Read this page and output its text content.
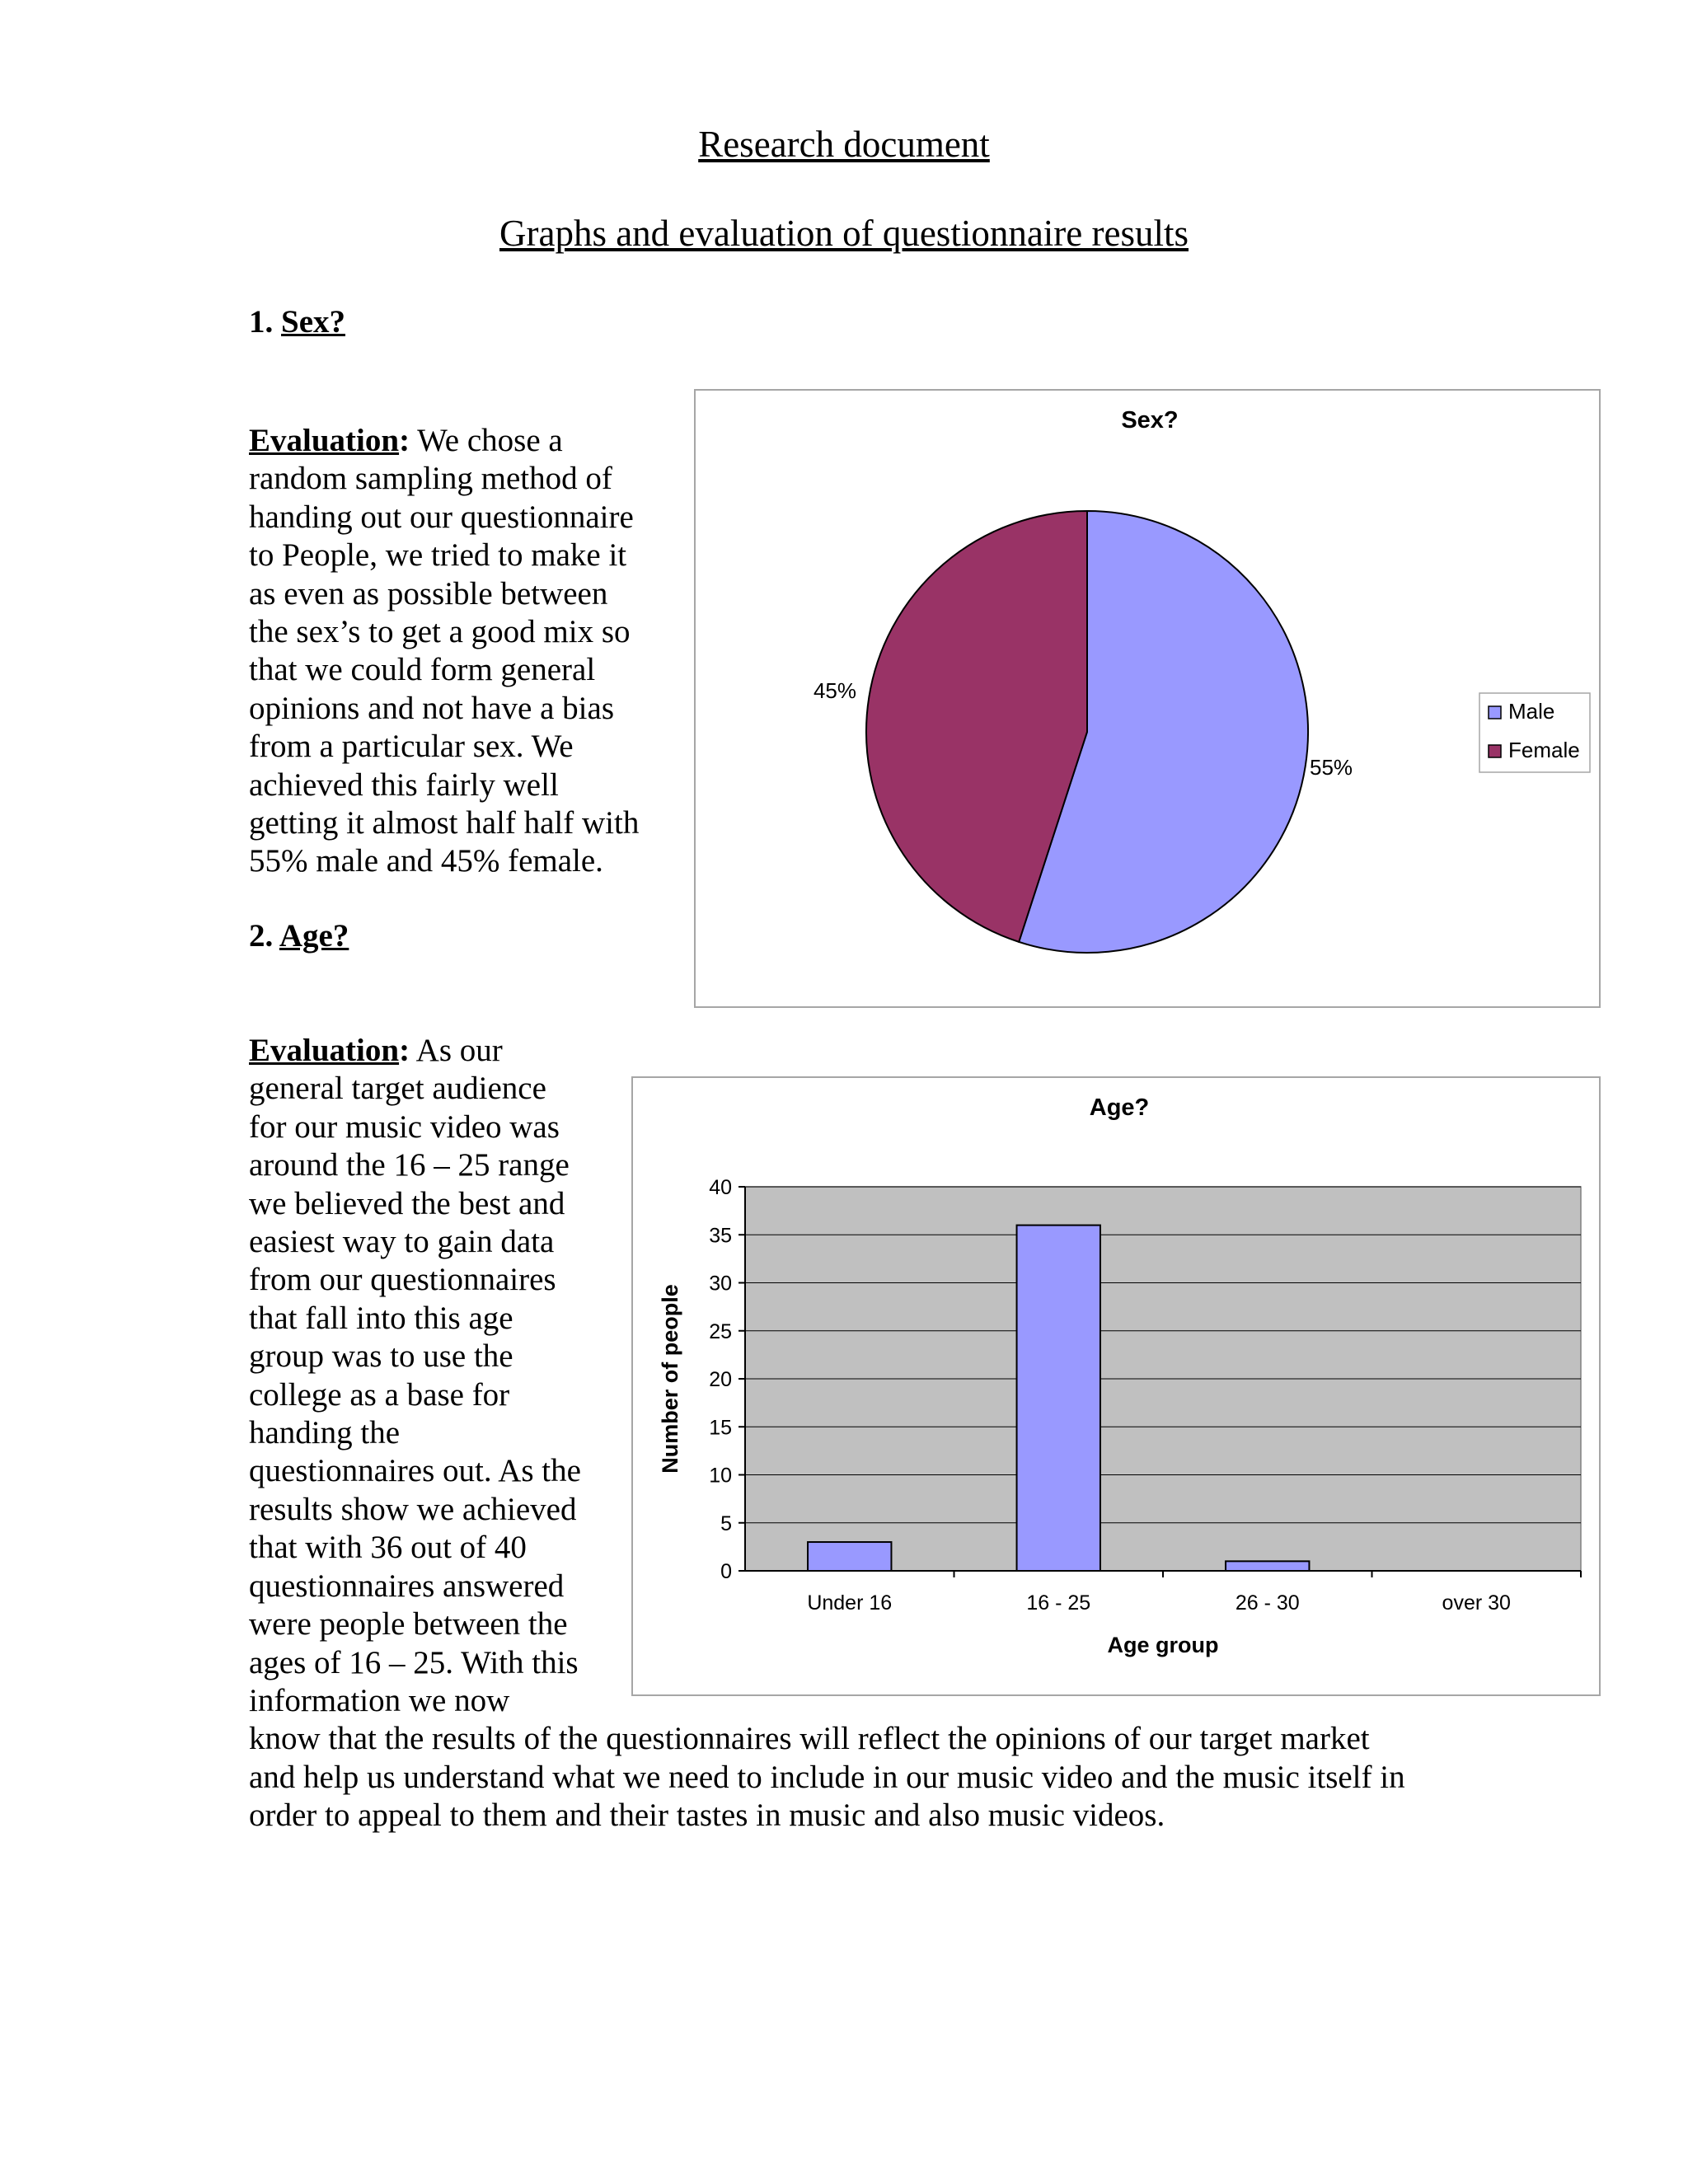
Research document
Graphs and evaluation of questionnaire results
1. Sex?
Evaluation: We chose a
random sampling method of
handing out our questionnaire
to People, we tried to make it
as even as possible between
the sex’s to get a good mix so
that we could form general
opinions and not have a bias
from a particular sex. We
achieved this fairly well
getting it almost half half with
55% male and 45% female.
2. Age?
Evaluation: As our
general target audience
for our music video was
around the 16 – 25 range
we believed the best and
easiest way to gain data
from our questionnaires
that fall into this age
group was to use the
college as a base for
handing the
questionnaires out. As the
results show we achieved
that with 36 out of 40
questionnaires answered
were people between the
ages of 16 – 25. With this
information we now
know that the results of the questionnaires will reflect the opinions of our target market
and help us understand what we need to include in our music video and the music itself in
order to appeal to them and their tastes in music and also music videos.
Sex?
55%
45%
Male
Female
Age?
0
5
10
15
20
25
30
35
40
Under 16	16 - 25	26 - 30	over 30
Age group
Number of people
